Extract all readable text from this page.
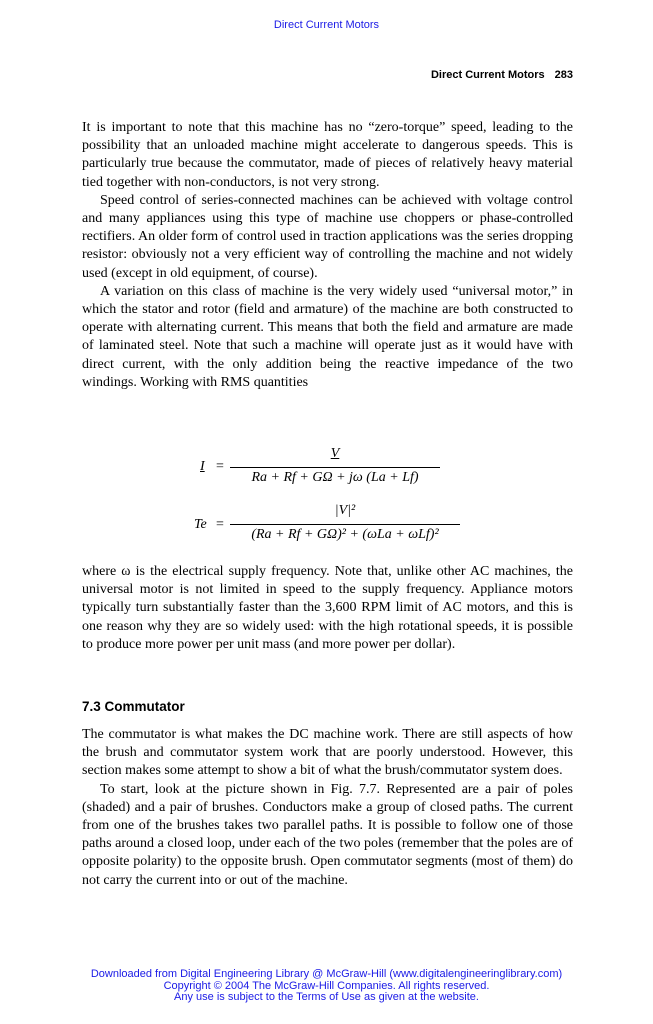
Direct Current Motors
Direct Current Motors 283

It is important to note that this machine has no “zero-torque” speed, leading to the possibility that an unloaded machine might accelerate to dangerous speeds. This is particularly true because the commutator, made of pieces of relatively heavy material tied together with non-conductors, is not very strong.

Speed control of series-connected machines can be achieved with voltage control and many appliances using this type of machine use choppers or phase-controlled rectifiers. An older form of control used in traction applications was the series dropping resistor: obviously not a very efficient way of controlling the machine and not widely used (except in old equipment, of course).

A variation on this class of machine is the very widely used “universal motor,” in which the stator and rotor (field and armature) of the machine are both constructed to operate with alternating current. This means that both the field and armature are made of laminated steel. Note that such a machine will operate just as it would have with direct current, with the only addition being the reactive impedance of the two windings. Working with RMS quantities

I =
V
Ra + Rf + GΩ + jω (La + Lf)
Te =
|V|²
(Ra + Rf + GΩ)² + (ωLa + ωLf)²

where ω is the electrical supply frequency. Note that, unlike other AC machines, the universal motor is not limited in speed to the supply frequency. Appliance motors typically turn substantially faster than the 3,600 RPM limit of AC motors, and this is one reason why they are so widely used: with the high rotational speeds, it is possible to produce more power per unit mass (and more power per dollar).

7.3 Commutator

The commutator is what makes the DC machine work. There are still aspects of how the brush and commutator system work that are poorly understood. However, this section makes some attempt to show a bit of what the brush/commutator system does.

To start, look at the picture shown in Fig. 7.7. Represented are a pair of poles (shaded) and a pair of brushes. Conductors make a group of closed paths. The current from one of the brushes takes two parallel paths. It is possible to follow one of those paths around a closed loop, under each of the two poles (remember that the poles are of opposite polarity) to the opposite brush. Open commutator segments (most of them) do not carry the current into or out of the machine.

Downloaded from Digital Engineering Library @ McGraw-Hill (www.digitalengineeringlibrary.com)
Copyright © 2004 The McGraw-Hill Companies. All rights reserved.
Any use is subject to the Terms of Use as given at the website.
